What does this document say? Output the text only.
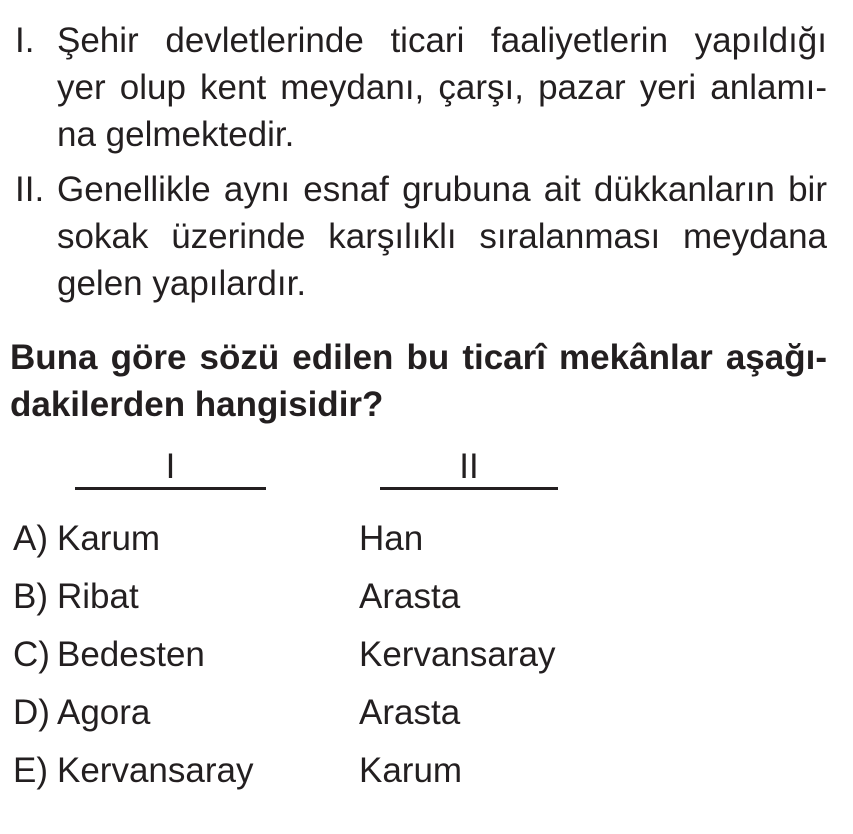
I. Şehir devletlerinde ticari faaliyetlerin yapıldığı
yer olup kent meydanı, çarşı, pazar yeri anlamı-
na gelmektedir.
II. Genellikle aynı esnaf grubuna ait dükkanların bir
sokak üzerinde karşılıklı sıralanması meydana
gelen yapılardır.
Buna göre sözü edilen bu ticarî mekânlar aşağı-
dakilerden hangisidir?
I	II
A) Karum	Han
B) Ribat	Arasta
C) Bedesten	Kervansaray
D) Agora	Arasta
E) Kervansaray	Karum
